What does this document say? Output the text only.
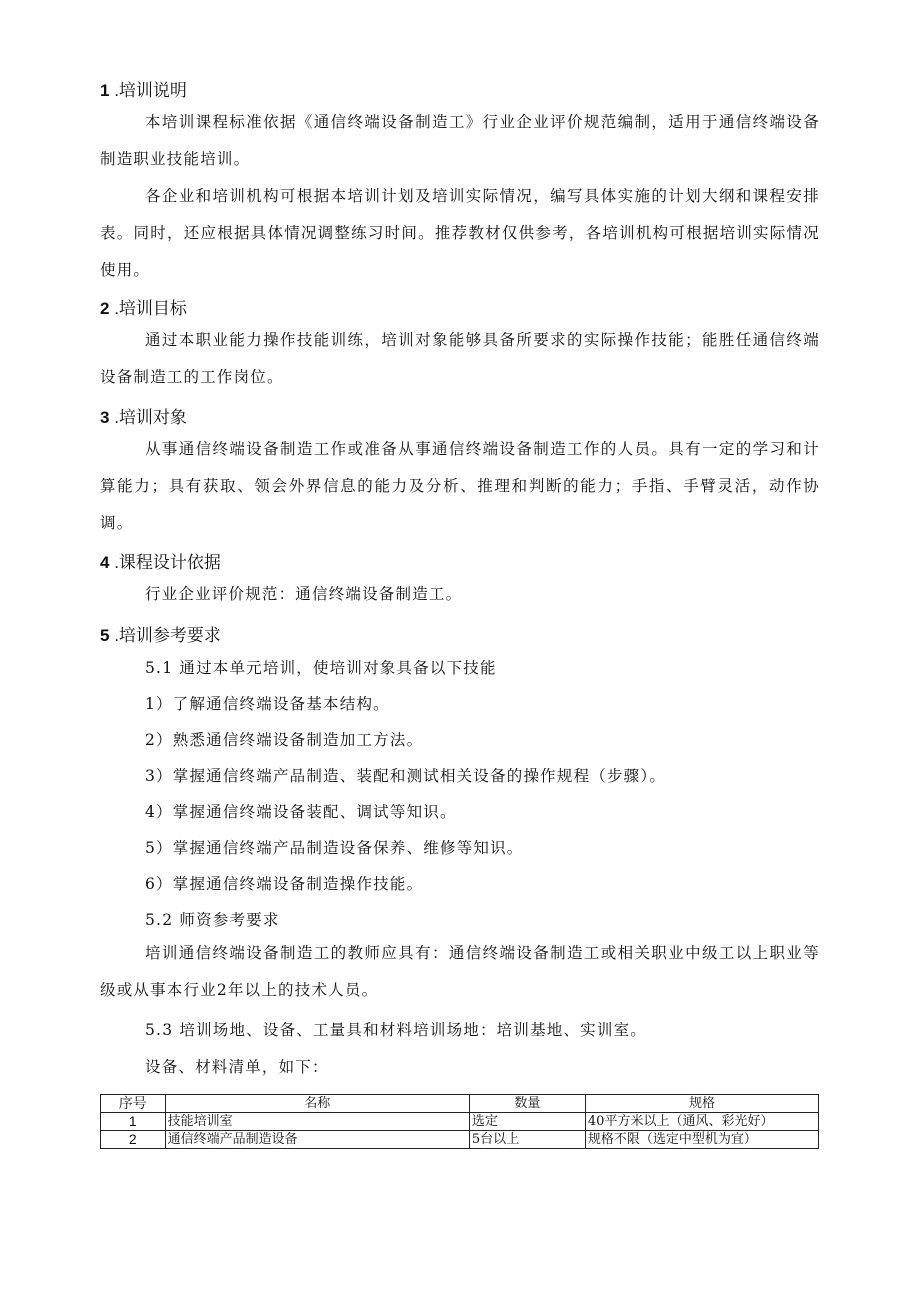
1 .培训说明

本培训课程标准依据《通信终端设备制造工》行业企业评价规范编制，适用于通信终端设备制造职业技能培训。

各企业和培训机构可根据本培训计划及培训实际情况，编写具体实施的计划大纲和课程安排表。同时，还应根据具体情况调整练习时间。推荐教材仅供参考，各培训机构可根据培训实际情况使用。

2 .培训目标

通过本职业能力操作技能训练，培训对象能够具备所要求的实际操作技能；能胜任通信终端设备制造工的工作岗位。

3 .培训对象

从事通信终端设备制造工作或准备从事通信终端设备制造工作的人员。具有一定的学习和计算能力；具有获取、领会外界信息的能力及分析、推理和判断的能力；手指、手臂灵活，动作协调。

4 .课程设计依据

行业企业评价规范：通信终端设备制造工。

5 .培训参考要求

5.1 通过本单元培训，使培训对象具备以下技能

1）了解通信终端设备基本结构。

2）熟悉通信终端设备制造加工方法。

3）掌握通信终端产品制造、装配和测试相关设备的操作规程（步骤）。

4）掌握通信终端设备装配、调试等知识。

5）掌握通信终端产品制造设备保养、维修等知识。

6）掌握通信终端设备制造操作技能。

5.2 师资参考要求

培训通信终端设备制造工的教师应具有：通信终端设备制造工或相关职业中级工以上职业等级或从事本行业2年以上的技术人员。

5.3 培训场地、设备、工量具和材料培训场地：培训基地、实训室。

设备、材料清单，如下：

序号	名称	数量	规格
1	技能培训室	选定	40平方米以上（通风、彩光好）
2	通信终端产品制造设备	5台以上	规格不限（选定中型机为宜）
